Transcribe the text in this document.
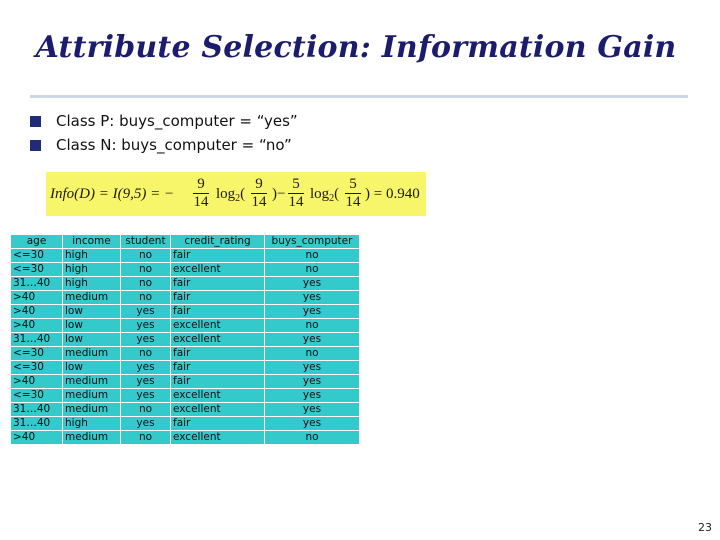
Attribute Selection: Information Gain
Class P: buys_computer = “yes”
Class N: buys_computer = “no”
Info(D) = I(9,5) = − $\frac{9}{14} \log_2( \frac{9}{14}$ )− $\frac{5}{14} \log_2( \frac{5}{14}$ ) = 0.940
age	income	student	credit_rating	buys_computer
<=30	high	no	fair	no
<=30	high	no	excellent	no
31…40	high	no	fair	yes
>40	medium	no	fair	yes
>40	low	yes	fair	yes
>40	low	yes	excellent	no
31…40	low	yes	excellent	yes
<=30	medium	no	fair	no
<=30	low	yes	fair	yes
>40	medium	yes	fair	yes
<=30	medium	yes	excellent	yes
31…40	medium	no	excellent	yes
31…40	high	yes	fair	yes
>40	medium	no	excellent	no
23
